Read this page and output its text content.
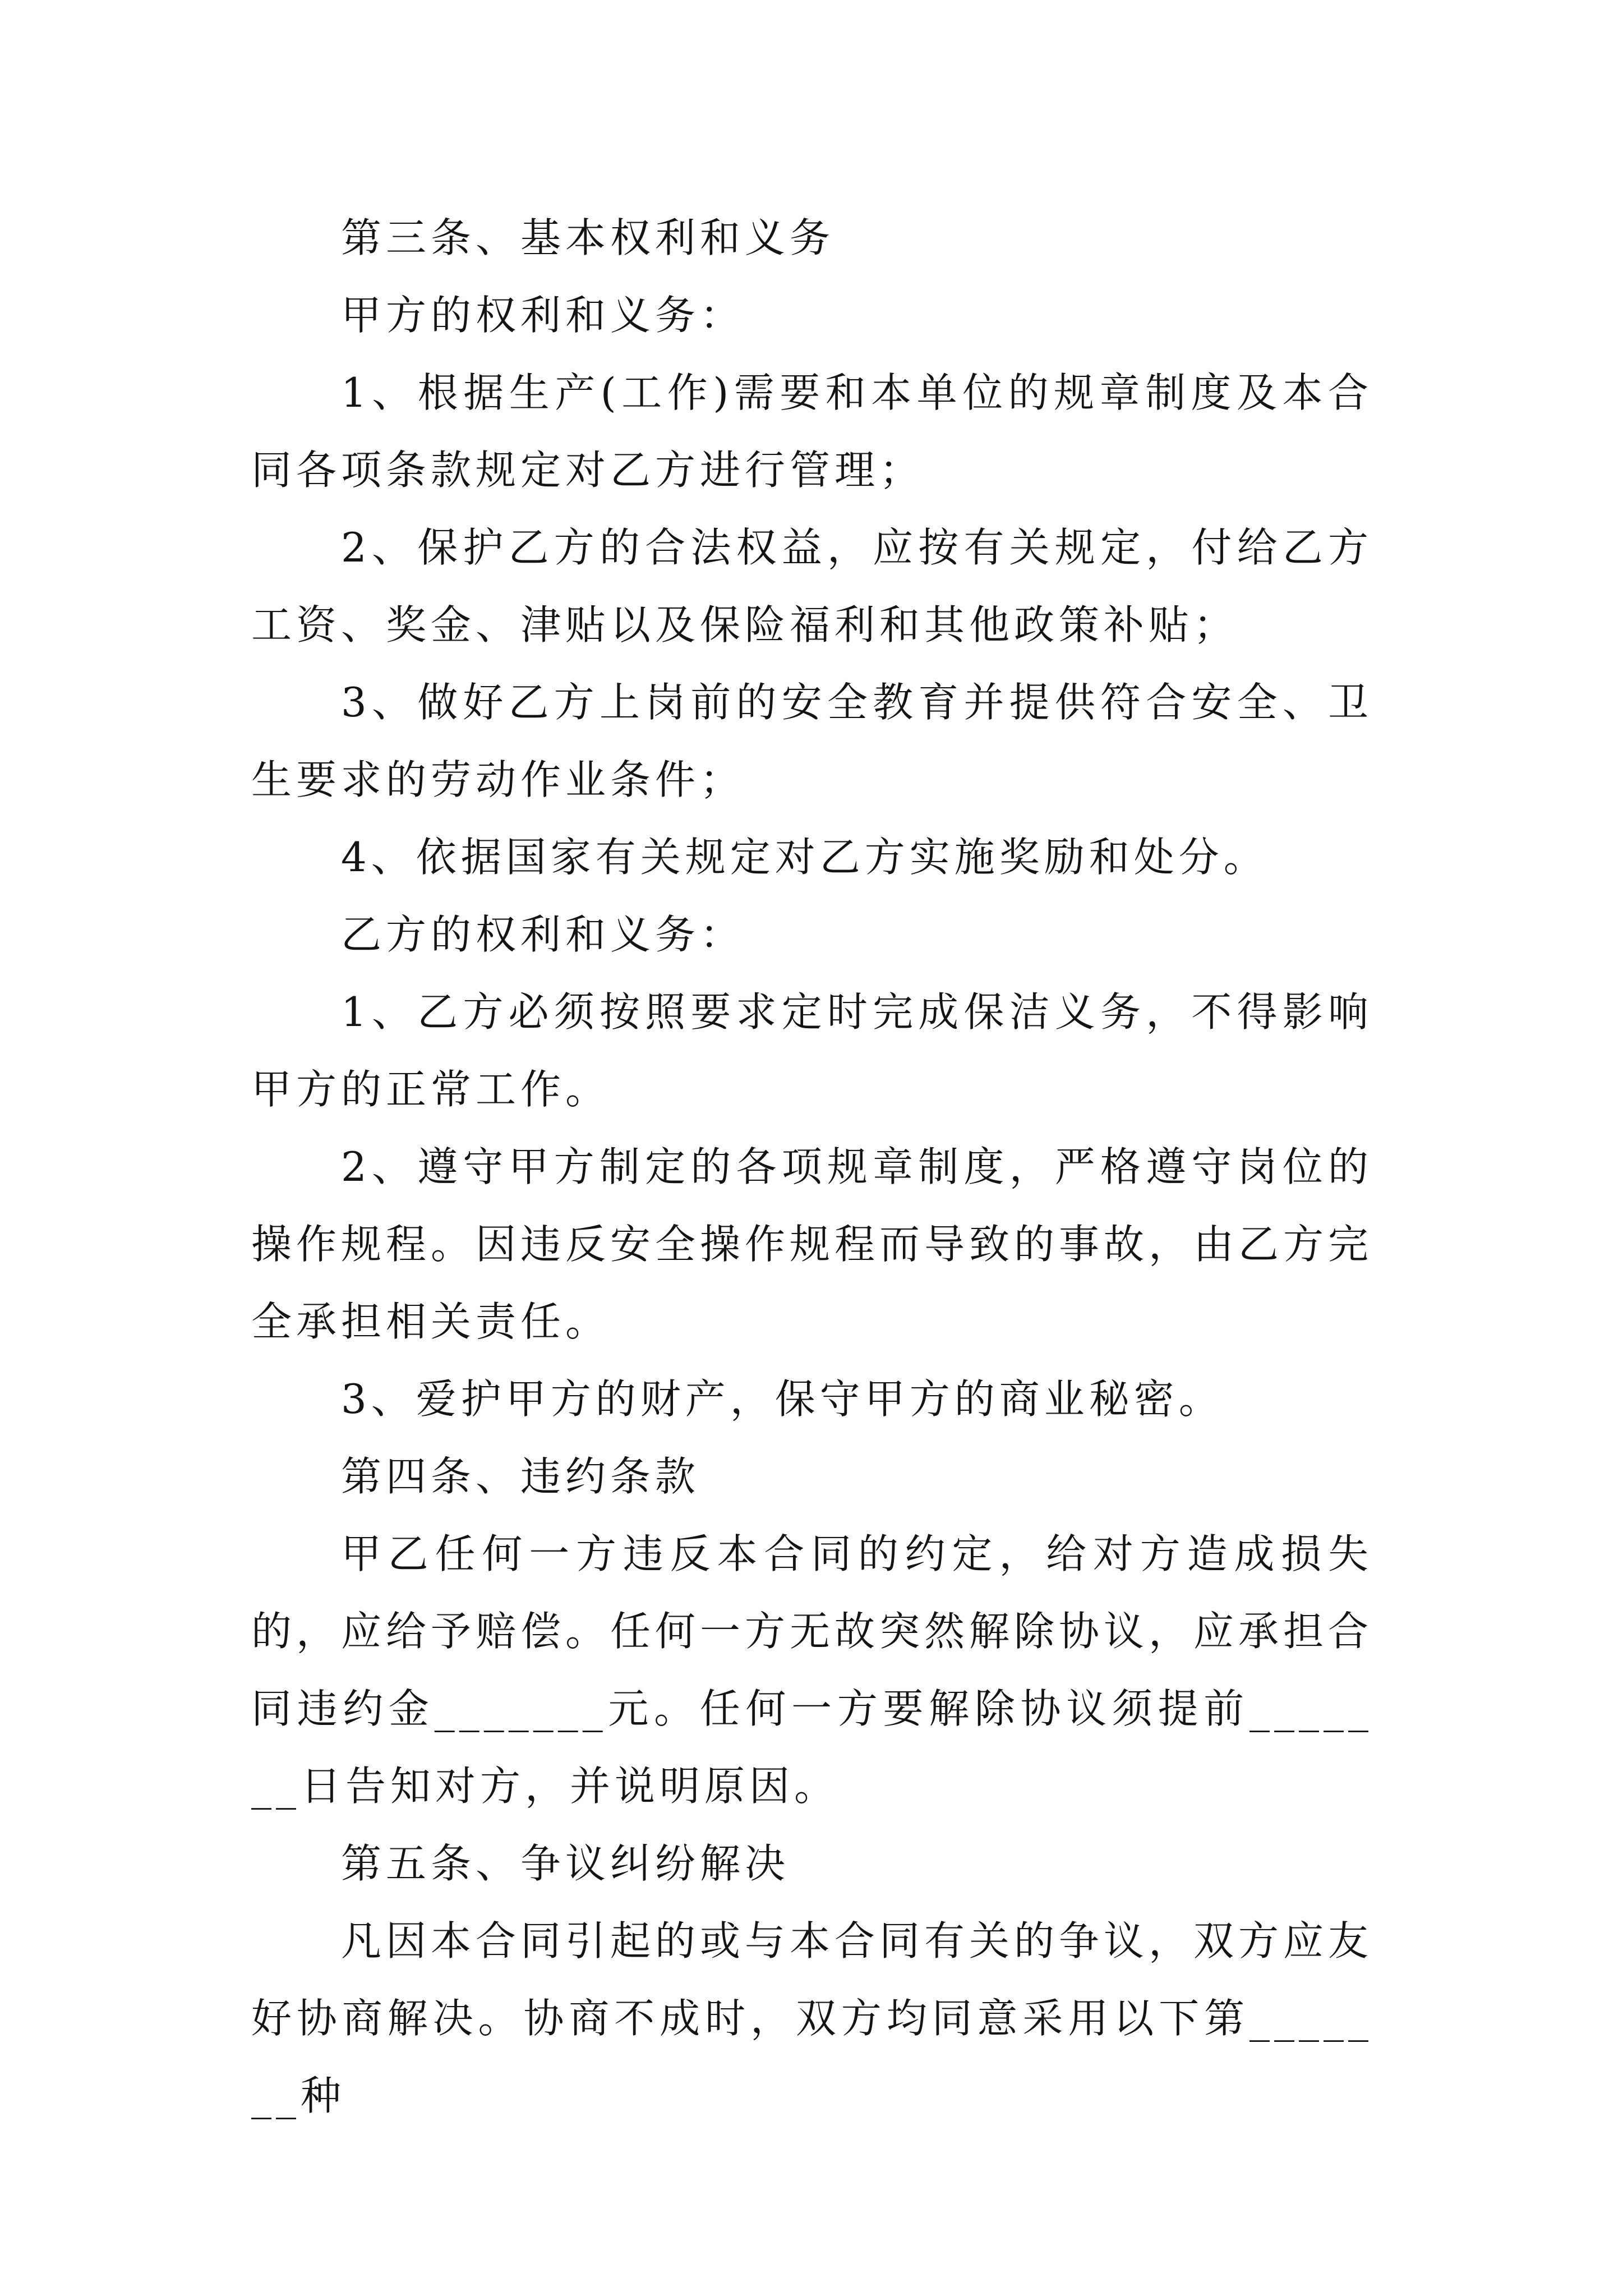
第三条、基本权利和义务

甲方的权利和义务：

1、根据生产(工作)需要和本单位的规章制度及本合同各项条款规定对乙方进行管理；

2、保护乙方的合法权益，应按有关规定，付给乙方工资、奖金、津贴以及保险福利和其他政策补贴；

3、做好乙方上岗前的安全教育并提供符合安全、卫生要求的劳动作业条件；

4、依据国家有关规定对乙方实施奖励和处分。

乙方的权利和义务：

1、乙方必须按照要求定时完成保洁义务，不得影响甲方的正常工作。

2、遵守甲方制定的各项规章制度，严格遵守岗位的操作规程。因违反安全操作规程而导致的事故，由乙方完全承担相关责任。

3、爱护甲方的财产，保守甲方的商业秘密。

第四条、违约条款

甲乙任何一方违反本合同的约定，给对方造成损失的，应给予赔偿。任何一方无故突然解除协议，应承担合同违约金_______元。任何一方要解除协议须提前_______日告知对方，并说明原因。

第五条、争议纠纷解决

凡因本合同引起的或与本合同有关的争议，双方应友好协商解决。协商不成时，双方均同意采用以下第_______种
